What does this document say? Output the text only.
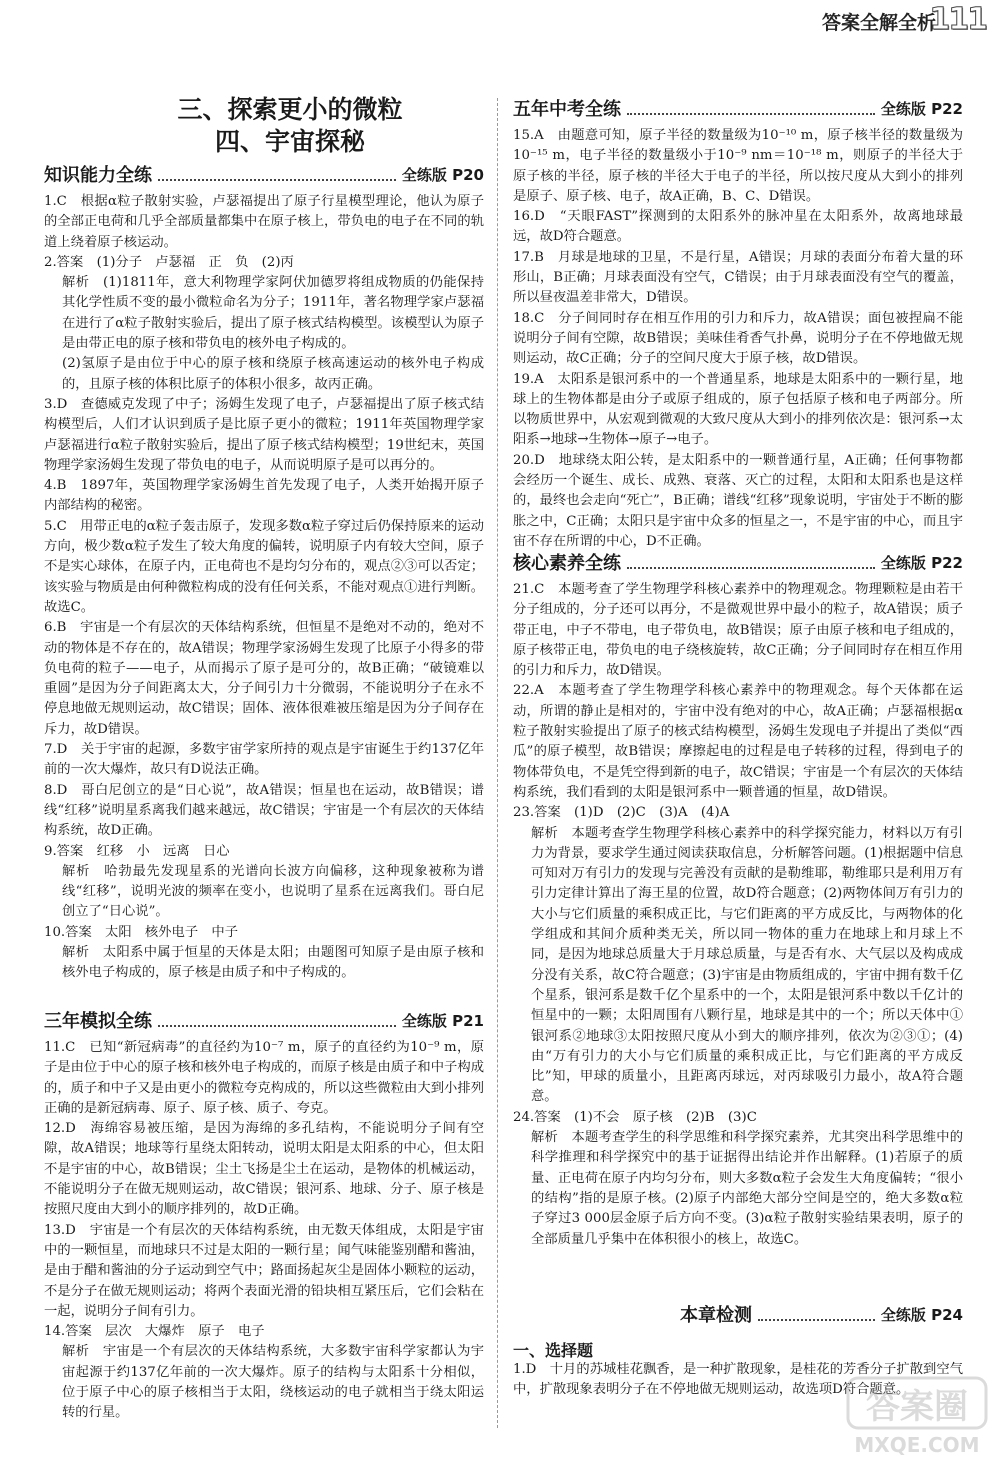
答案全解全析
111
三、探索更小的微粒
四、宇宙探秘
知识能力全练	全练版 P20

1.C　根据α粒子散射实验，卢瑟福提出了原子行星模型理论，他认为原子的全部正电荷和几乎全部质量都集中在原子核上，带负电的电子在不同的轨道上绕着原子核运动。

2.答案　(1)分子　卢瑟福　正　负　(2)丙

解析　(1)1811年，意大利物理学家阿伏加德罗将组成物质的仍能保持其化学性质不变的最小微粒命名为分子；1911年，著名物理学家卢瑟福在进行了α粒子散射实验后，提出了原子核式结构模型。该模型认为原子是由带正电的原子核和带负电的核外电子构成的。

(2)氢原子是由位于中心的原子核和绕原子核高速运动的核外电子构成的，且原子核的体积比原子的体积小很多，故丙正确。

3.D　查德威克发现了中子；汤姆生发现了电子，卢瑟福提出了原子核式结构模型后，人们才认识到质子是比原子更小的微粒；1911年英国物理学家卢瑟福进行α粒子散射实验后，提出了原子核式结构模型；19世纪末，英国物理学家汤姆生发现了带负电的电子，从而说明原子是可以再分的。

4.B　1897年，英国物理学家汤姆生首先发现了电子，人类开始揭开原子内部结构的秘密。

5.C　用带正电的α粒子轰击原子，发现多数α粒子穿过后仍保持原来的运动方向，极少数α粒子发生了较大角度的偏转，说明原子内有较大空间，原子不是实心球体，在原子内，正电荷也不是均匀分布的，观点②③可以否定；该实验与物质是由何种微粒构成的没有任何关系，不能对观点①进行判断。故选C。

6.B　宇宙是一个有层次的天体结构系统，但恒星不是绝对不动的，绝对不动的物体是不存在的，故A错误；物理学家汤姆生发现了比原子小得多的带负电荷的粒子——电子，从而揭示了原子是可分的，故B正确；“破镜难以重圆”是因为分子间距离太大，分子间引力十分微弱，不能说明分子在永不停息地做无规则运动，故C错误；固体、液体很难被压缩是因为分子间存在斥力，故D错误。

7.D　关于宇宙的起源，多数宇宙学家所持的观点是宇宙诞生于约137亿年前的一次大爆炸，故只有D说法正确。

8.D　哥白尼创立的是“日心说”，故A错误；恒星也在运动，故B错误；谱线“红移”说明星系离我们越来越远，故C错误；宇宙是一个有层次的天体结构系统，故D正确。

9.答案　红移　小　远离　日心

解析　哈勃最先发现星系的光谱向长波方向偏移，这种现象被称为谱线“红移”，说明光波的频率在变小，也说明了星系在远离我们。哥白尼创立了“日心说”。

10.答案　太阳　核外电子　中子

解析　太阳系中属于恒星的天体是太阳；由题图可知原子是由原子核和核外电子构成的，原子核是由质子和中子构成的。

三年模拟全练	全练版 P21

11.C　已知“新冠病毒”的直径约为10⁻⁷ m，原子的直径约为10⁻⁹ m，原子是由位于中心的原子核和核外电子构成的，而原子核是由质子和中子构成的，质子和中子又是由更小的微粒夸克构成的，所以这些微粒由大到小排列正确的是新冠病毒、原子、原子核、质子、夸克。

12.D　海绵容易被压缩，是因为海绵的多孔结构，不能说明分子间有空隙，故A错误；地球等行星绕太阳转动，说明太阳是太阳系的中心，但太阳不是宇宙的中心，故B错误；尘土飞扬是尘土在运动，是物体的机械运动，不能说明分子在做无规则运动，故C错误；银河系、地球、分子、原子核是按照尺度由大到小的顺序排列的，故D正确。

13.D　宇宙是一个有层次的天体结构系统，由无数天体组成，太阳是宇宙中的一颗恒星，而地球只不过是太阳的一颗行星；闻气味能鉴别醋和酱油，是由于醋和酱油的分子运动到空气中；路面扬起灰尘是固体小颗粒的运动，不是分子在做无规则运动；将两个表面光滑的铅块相互紧压后，它们会粘在一起，说明分子间有引力。

14.答案　层次　大爆炸　原子　电子

解析　宇宙是一个有层次的天体结构系统，大多数宇宙科学家都认为宇宙起源于约137亿年前的一次大爆炸。原子的结构与太阳系十分相似，位于原子中心的原子核相当于太阳，绕核运动的电子就相当于绕太阳运转的行星。

五年中考全练	全练版 P22

15.A　由题意可知，原子半径的数量级为10⁻¹⁰ m，原子核半径的数量级为10⁻¹⁵ m，电子半径的数量级小于10⁻⁹ nm＝10⁻¹⁸ m，则原子的半径大于原子核的半径，原子核的半径大于电子的半径，所以按尺度从大到小的排列是原子、原子核、电子，故A正确，B、C、D错误。

16.D　“天眼FAST”探测到的太阳系外的脉冲星在太阳系外，故离地球最远，故D符合题意。

17.B　月球是地球的卫星，不是行星，A错误；月球的表面分布着大量的环形山，B正确；月球表面没有空气，C错误；由于月球表面没有空气的覆盖，所以昼夜温差非常大，D错误。

18.C　分子间同时存在相互作用的引力和斥力，故A错误；面包被捏扁不能说明分子间有空隙，故B错误；美味佳肴香气扑鼻，说明分子在不停地做无规则运动，故C正确；分子的空间尺度大于原子核，故D错误。

19.A　太阳系是银河系中的一个普通星系，地球是太阳系中的一颗行星，地球上的生物体都是由分子或原子组成的，原子包括原子核和电子两部分。所以物质世界中，从宏观到微观的大致尺度从大到小的排列依次是：银河系→太阳系→地球→生物体→原子→电子。

20.D　地球绕太阳公转，是太阳系中的一颗普通行星，A正确；任何事物都会经历一个诞生、成长、成熟、衰落、灭亡的过程，太阳和太阳系也是这样的，最终也会走向“死亡”，B正确；谱线“红移”现象说明，宇宙处于不断的膨胀之中，C正确；太阳只是宇宙中众多的恒星之一，不是宇宙的中心，而且宇宙不存在所谓的中心，D不正确。

核心素养全练	全练版 P22

21.C　本题考查了学生物理学科核心素养中的物理观念。物理颗粒是由若干分子组成的，分子还可以再分，不是微观世界中最小的粒子，故A错误；质子带正电，中子不带电，电子带负电，故B错误；原子由原子核和电子组成的，原子核带正电，带负电的电子绕核旋转，故C正确；分子间同时存在相互作用的引力和斥力，故D错误。

22.A　本题考查了学生物理学科核心素养中的物理观念。每个天体都在运动，所谓的静止是相对的，宇宙中没有绝对的中心，故A正确；卢瑟福根据α粒子散射实验提出了原子的核式结构模型，汤姆生发现电子并提出了类似“西瓜”的原子模型，故B错误；摩擦起电的过程是电子转移的过程，得到电子的物体带负电，不是凭空得到新的电子，故C错误；宇宙是一个有层次的天体结构系统，我们看到的太阳是银河系中一颗普通的恒星，故D错误。

23.答案　(1)D　(2)C　(3)A　(4)A

解析　本题考查学生物理学科核心素养中的科学探究能力，材料以万有引力为背景，要求学生通过阅读获取信息，分析解答问题。(1)根据题中信息可知对万有引力的发现与完善没有贡献的是勒维耶，勒维耶只是利用万有引力定律计算出了海王星的位置，故D符合题意；(2)两物体间万有引力的大小与它们质量的乘积成正比，与它们距离的平方成反比，与两物体的化学组成和其间介质种类无关，所以同一物体的重力在地球上和月球上不同，是因为地球总质量大于月球总质量，与是否有水、大气层以及构成成分没有关系，故C符合题意；(3)宇宙是由物质组成的，宇宙中拥有数千亿个星系，银河系是数千亿个星系中的一个，太阳是银河系中数以千亿计的恒星中的一颗；太阳周围有八颗行星，地球是其中的一个；所以天体中①银河系②地球③太阳按照尺度从小到大的顺序排列，依次为②③①；(4)由“万有引力的大小与它们质量的乘积成正比，与它们距离的平方成反比”知，甲球的质量小，且距离丙球远，对丙球吸引力最小，故A符合题意。

24.答案　(1)不会　原子核　(2)B　(3)C

解析　本题考查学生的科学思维和科学探究素养，尤其突出科学思维中的科学推理和科学探究中的基于证据得出结论并作出解释。(1)若原子的质量、正电荷在原子内均匀分布，则大多数α粒子会发生大角度偏转；“很小的结构”指的是原子核。(2)原子内部绝大部分空间是空的，绝大多数α粒子穿过3 000层金原子后方向不变。(3)α粒子散射实验结果表明，原子的全部质量几乎集中在体积很小的核上，故选C。

本章检测	全练版 P24
一、选择题

1.D　十月的苏城桂花飘香，是一种扩散现象，是桂花的芳香分子扩散到空气中，扩散现象表明分子在不停地做无规则运动，故选项D符合题意。

答案圈
MXQE.COM
